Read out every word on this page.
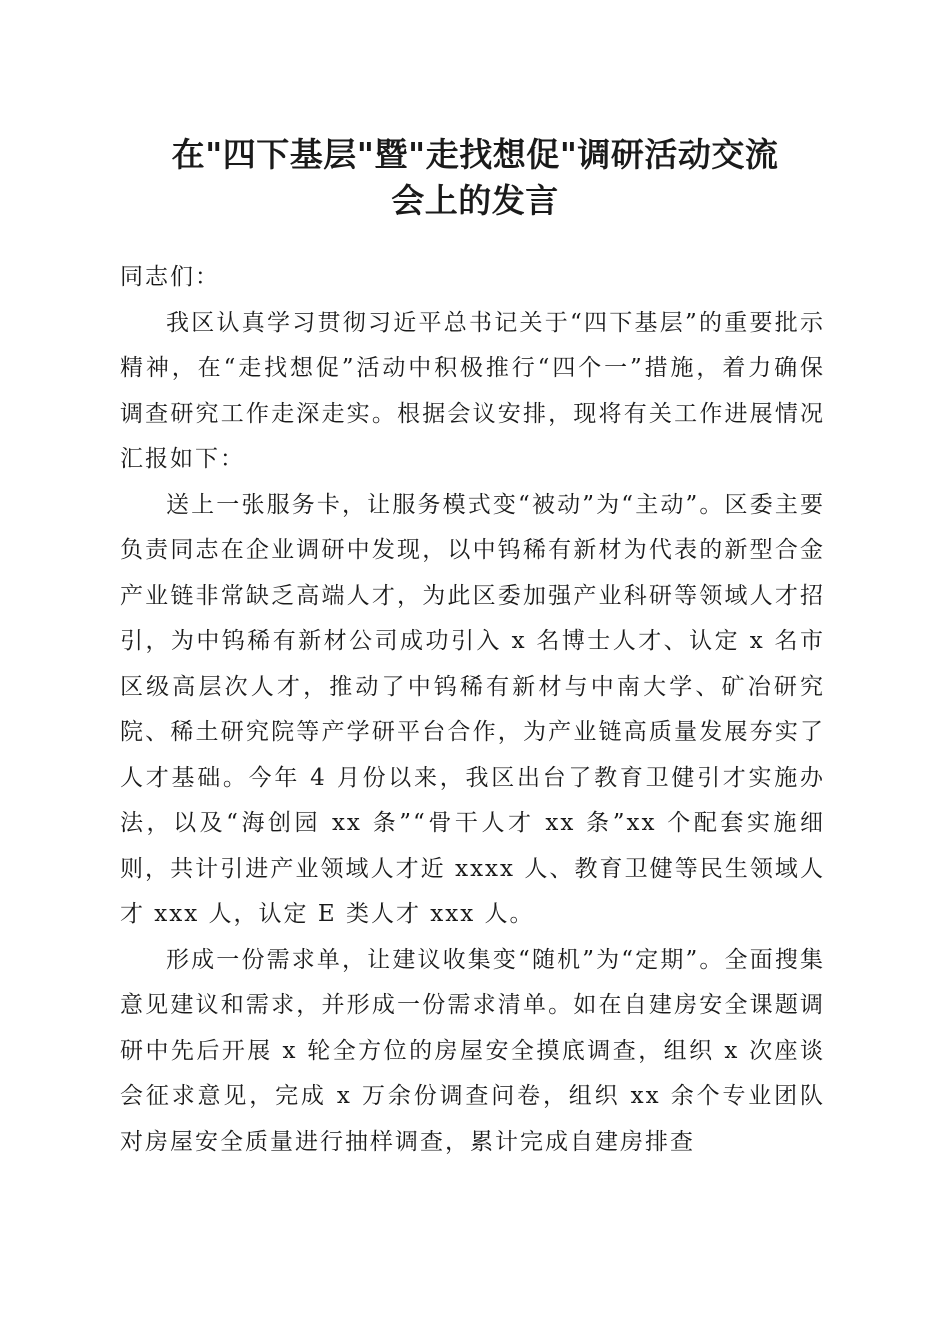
在"四下基层"暨"走找想促"调研活动交流
会上的发言

同志们：

我区认真学习贯彻习近平总书记关于“四下基层”的重要批示精神，在“走找想促”活动中积极推行“四个一”措施，着力确保调查研究工作走深走实。根据会议安排，现将有关工作进展情况汇报如下：

送上一张服务卡，让服务模式变“被动”为“主动”。区委主要负责同志在企业调研中发现，以中钨稀有新材为代表的新型合金产业链非常缺乏高端人才，为此区委加强产业科研等领域人才招引，为中钨稀有新材公司成功引入 x 名博士人才、认定 x 名市区级高层次人才，推动了中钨稀有新材与中南大学、矿冶研究院、稀土研究院等产学研平台合作，为产业链高质量发展夯实了人才基础。今年 4 月份以来，我区出台了教育卫健引才实施办法，以及“海创园 xx 条”“骨干人才 xx 条”xx 个配套实施细则，共计引进产业领域人才近 xxxx 人、教育卫健等民生领域人才 xxx 人，认定 E 类人才 xxx 人。

形成一份需求单，让建议收集变“随机”为“定期”。全面搜集意见建议和需求，并形成一份需求清单。如在自建房安全课题调研中先后开展 x 轮全方位的房屋安全摸底调查，组织 x 次座谈会征求意见，完成 x 万余份调查问卷，组织 xx 余个专业团队对房屋安全质量进行抽样调查，累计完成自建房排查
